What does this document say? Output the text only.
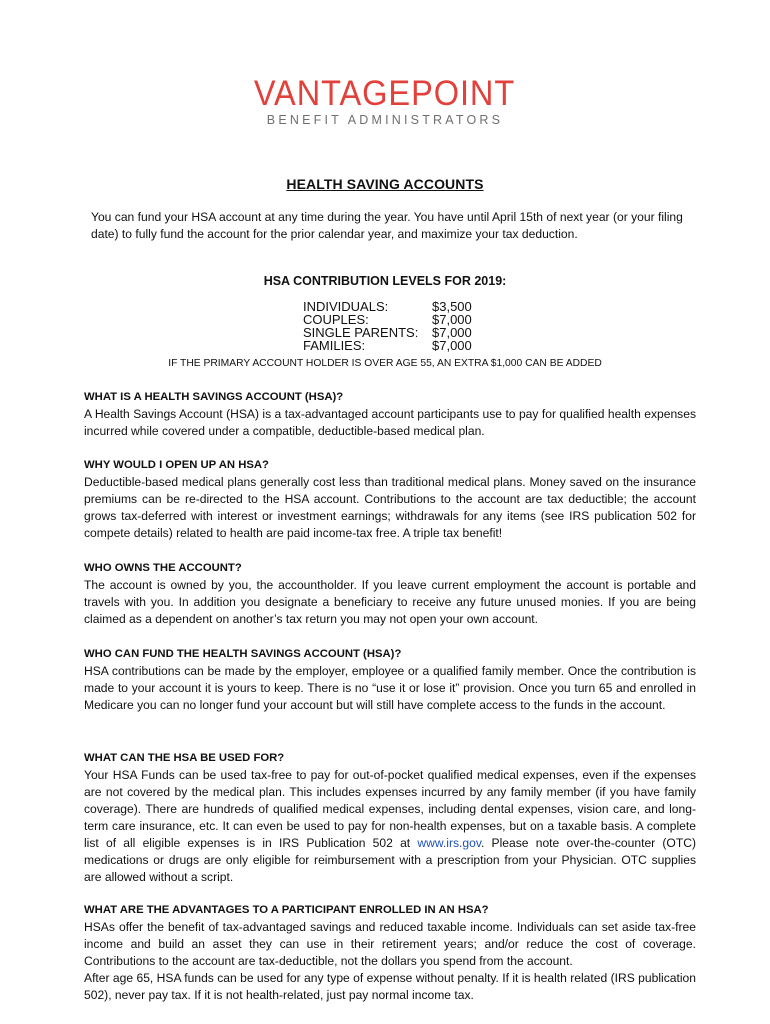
VANTAGEPOINT
BENEFIT ADMINISTRATORS
HEALTH SAVING ACCOUNTS

You can fund your HSA account at any time during the year. You have until April 15th of next year (or your filing date) to fully fund the account for the prior calendar year, and maximize your tax deduction.

HSA CONTRIBUTION LEVELS FOR 2019:
INDIVIDUALS:	$3,500
COUPLES:	$7,000
SINGLE PARENTS:	$7,000
FAMILIES:	$7,000
IF THE PRIMARY ACCOUNT HOLDER IS OVER AGE 55, AN EXTRA $1,000 CAN BE ADDED
WHAT IS A HEALTH SAVINGS ACCOUNT (HSA)?

A Health Savings Account (HSA) is a tax-advantaged account participants use to pay for qualified health expenses incurred while covered under a compatible, deductible-based medical plan.

WHY WOULD I OPEN UP AN HSA?

Deductible-based medical plans generally cost less than traditional medical plans. Money saved on the insurance premiums can be re-directed to the HSA account. Contributions to the account are tax deductible; the account grows tax-deferred with interest or investment earnings; withdrawals for any items (see IRS publication 502 for compete details) related to health are paid income-tax free. A triple tax benefit!

WHO OWNS THE ACCOUNT?

The account is owned by you, the accountholder. If you leave current employment the account is portable and travels with you. In addition you designate a beneficiary to receive any future unused monies. If you are being claimed as a dependent on another’s tax return you may not open your own account.

WHO CAN FUND THE HEALTH SAVINGS ACCOUNT (HSA)?

HSA contributions can be made by the employer, employee or a qualified family member. Once the contribution is made to your account it is yours to keep. There is no “use it or lose it” provision. Once you turn 65 and enrolled in Medicare you can no longer fund your account but will still have complete access to the funds in the account.

WHAT CAN THE HSA BE USED FOR?

Your HSA Funds can be used tax-free to pay for out-of-pocket qualified medical expenses, even if the expenses are not covered by the medical plan. This includes expenses incurred by any family member (if you have family coverage). There are hundreds of qualified medical expenses, including dental expenses, vision care, and long-term care insurance, etc. It can even be used to pay for non-health expenses, but on a taxable basis. A complete list of all eligible expenses is in IRS Publication 502 at www.irs.gov. Please note over-the-counter (OTC) medications or drugs are only eligible for reimbursement with a prescription from your Physician. OTC supplies are allowed without a script.

WHAT ARE THE ADVANTAGES TO A PARTICIPANT ENROLLED IN AN HSA?

HSAs offer the benefit of tax-advantaged savings and reduced taxable income. Individuals can set aside tax-free income and build an asset they can use in their retirement years; and/or reduce the cost of coverage. Contributions to the account are tax-deductible, not the dollars you spend from the account.

After age 65, HSA funds can be used for any type of expense without penalty. If it is health related (IRS publication 502), never pay tax. If it is not health-related, just pay normal income tax.
